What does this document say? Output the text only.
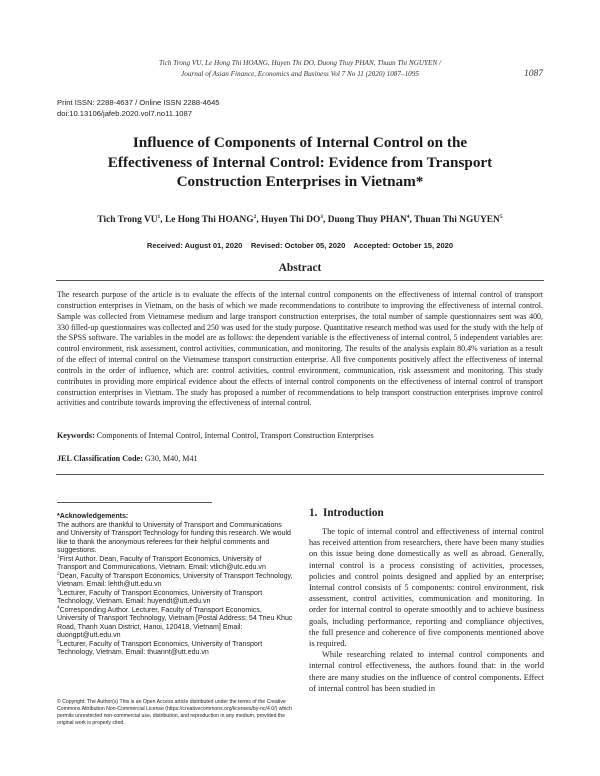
Tich Trong VU, Le Hong Thi HOANG, Huyen Thi DO, Duong Thuy PHAN, Thuan Thi NGUYEN /
Journal of Asian Finance, Economics and Business Vol 7 No 11 (2020) 1087–1095	1087
Print ISSN: 2288-4637 / Online ISSN 2288-4645
doi:10.13106/jafeb.2020.vol7.no11.1087
Influence of Components of Internal Control on the
Effectiveness of Internal Control: Evidence from Transport
Construction Enterprises in Vietnam*
Tich Trong $VU^1$, Le Hong Thi HOANG$^2$, Huyen Thi $DO^3$, Duong Thuy PHAN$^4$, Thuan Thi NGUYEN$^5$
Received: August 01, 2020    Revised: October 05, 2020    Accepted: October 15, 2020
Abstract
The research purpose of the article is to evaluate the effects of the internal control components on the effectiveness of internal control of transport construction enterprises in Vietnam, on the basis of which we made recommendations to contribute to improving the effectiveness of internal control. Sample was collected from Vietnamese medium and large transport construction enterprises, the total number of sample questionnaires sent was 400, 330 filled-up questionnaires was collected and 250 was used for the study purpose. Quantitative research method was used for the study with the help of the SPSS software. The variables in the model are as follows: the dependent variable is the effectiveness of internal control, 5 independent variables are: control environment, risk assessment, control activities, communication, and monitoring. The results of the analysis explain 80.4% variation as a result of the effect of internal control on the Vietnamese transport construction enterprise. All five components positively affect the effectiveness of internal controls in the order of influence, which are: control activities, control environment, communication, risk assessment and monitoring. This study contributes in providing more empirical evidence about the effects of internal control components on the effectiveness of internal control of transport construction enterprises in Vietnam. The study has proposed a number of recommendations to help transport construction enterprises improve control activities and contribute towards improving the effectiveness of internal control.
Keywords: Components of Internal Control, Internal Control, Transport Construction Enterprises
JEL Classification Code: G30, M40, M41
*Acknowledgements:
The authors are thankful to University of Transport and Communications and University of Transport Technology for funding this research. We would like to thank the anonymous referees for their helpful comments and suggestions.
$^1$First Author. Dean, Faculty of Transport Economics, University of Transport and Communications, Vietnam. Email: vtlich@utc.edu.vn
$^2$Dean, Faculty of Transport Economics, University of Transport Technology, Vietnam. Email: lehth@utt.edu.vn
$^3$Lecturer, Faculty of Transport Economics, University of Transport Technology, Vietnam. Email: huyendt@utt.edu.vn
$^4$Corresponding Author. Lecturer, Faculty of Transport Economics, University of Transport Technology, Vietnam [Postal Address: 54 Trieu Khuc Road, Thanh Xuan District, Hanoi, 120418, Vietnam] Email: duongpt@utt.edu.vn
$^5$Lecturer, Faculty of Transport Economics, University of Transport Technology, Vietnam. Email: thuannt@utt.edu.vn
© Copyright: The Author(s) This is an Open Access article distributed under the terms of the Creative Commons Attribution Non-Commercial License (https://creativecommons.org/licenses/by-nc/4.0/) which permits unrestricted non-commercial use, distribution, and reproduction in any medium, provided the original work is properly cited.
1.  Introduction

The topic of internal control and effectiveness of internal control has received attention from researchers, there have been many studies on this issue being done domestically as well as abroad. Generally, internal control is a process consisting of activities, processes, policies and control points designed and applied by an enterprise; Internal control consists of 5 components: control environment, risk assessment, control activities, communication and monitoring. In order for internal control to operate smoothly and to achieve business goals, including performance, reporting and compliance objectives, the full presence and coherence of five components mentioned above is required.

While researching related to internal control components and internal control effectiveness, the authors found that: in the world there are many studies on the influence of control components. Effect of internal control has been studied in
